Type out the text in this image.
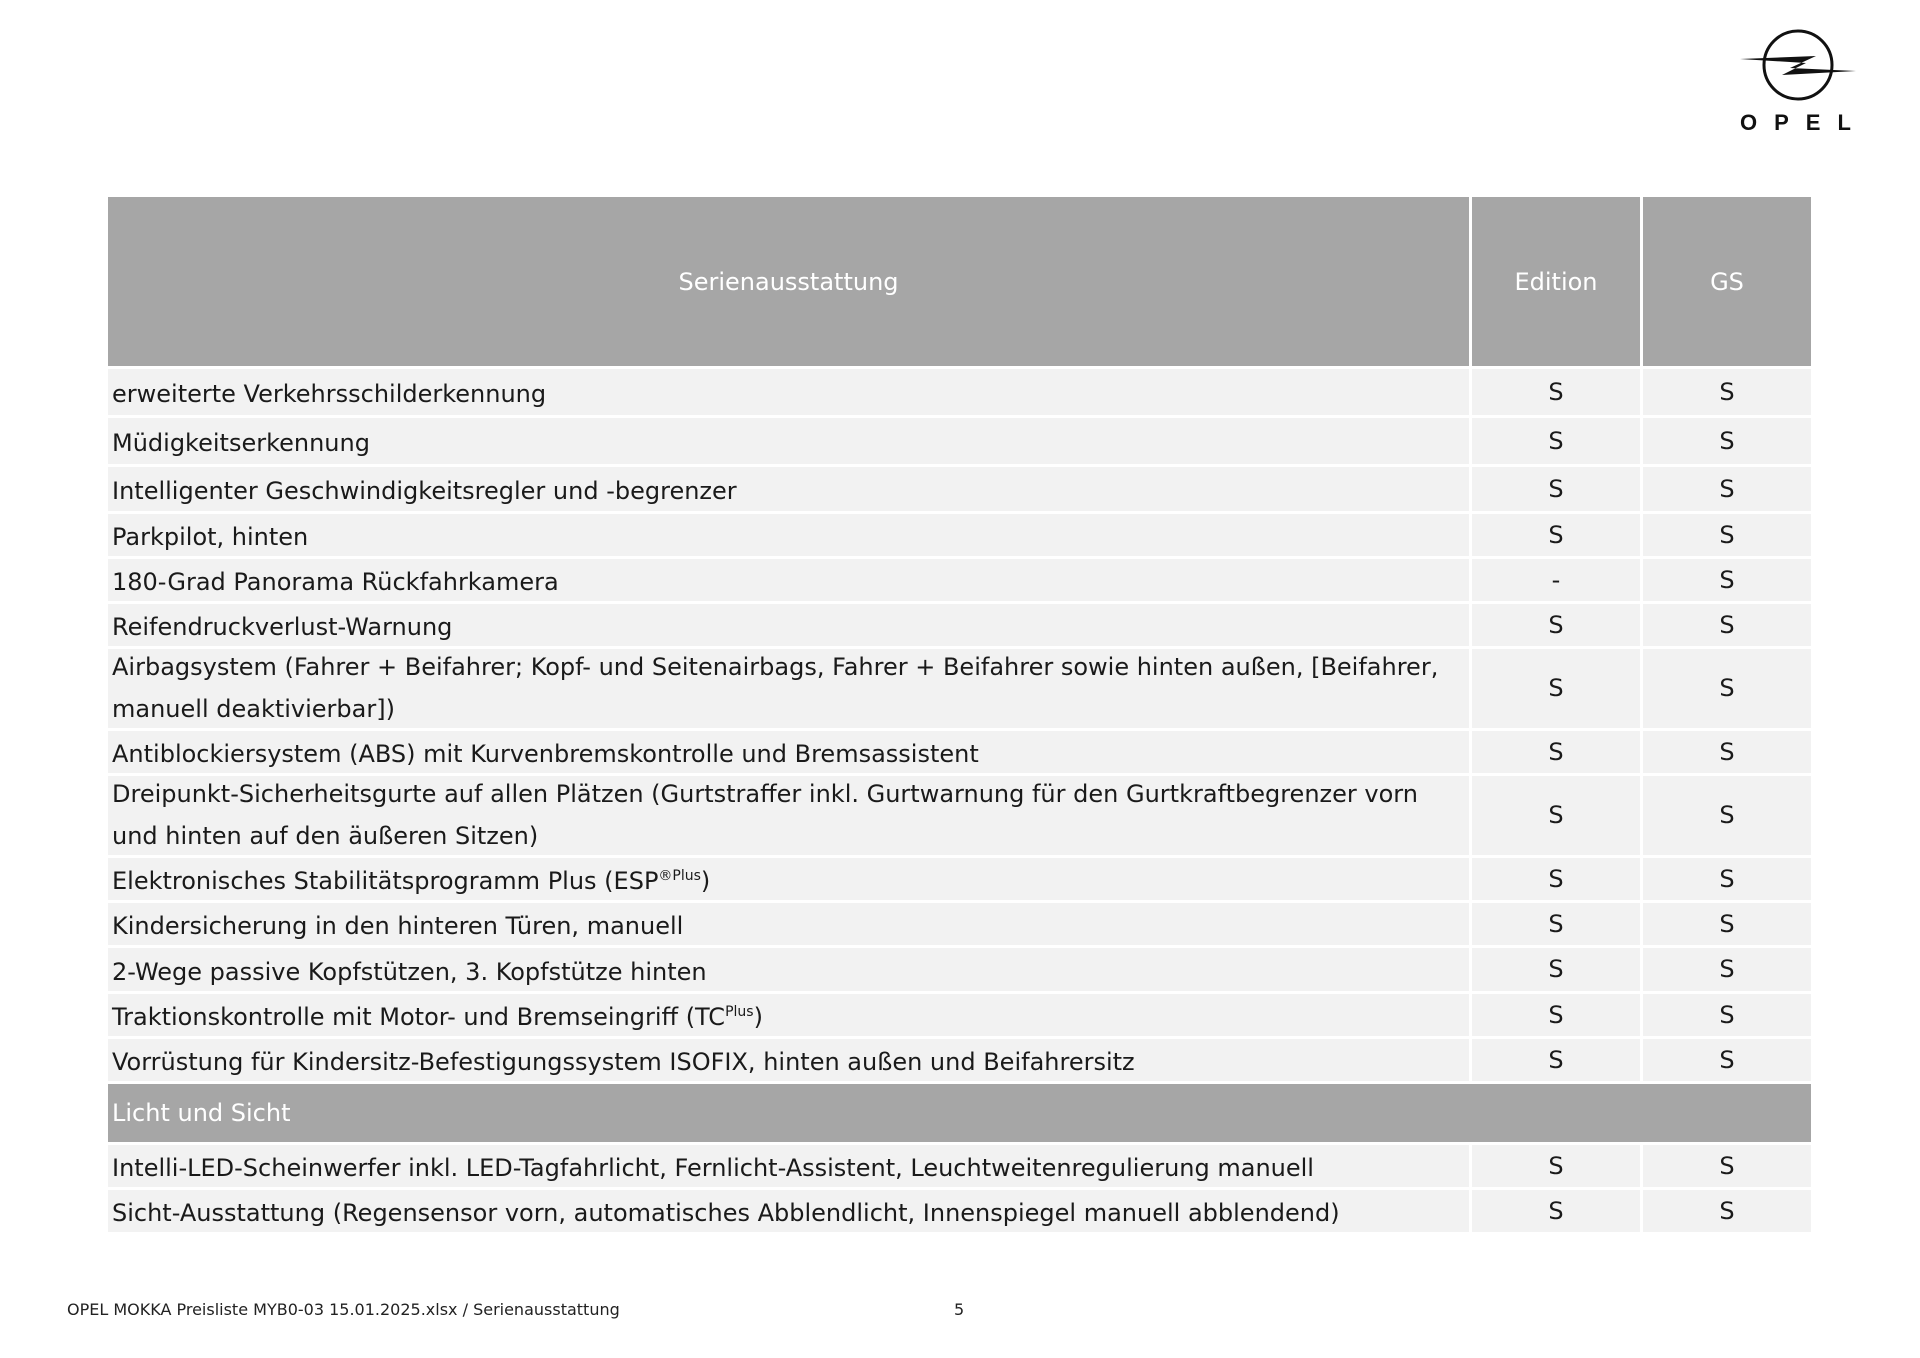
OPEL
Serienausstattung	Edition	GS
erweiterte Verkehrsschilderkennung	S	S
Müdigkeitserkennung	S	S
Intelligenter Geschwindigkeitsregler und -begrenzer	S	S
Parkpilot, hinten	S	S
180-Grad Panorama Rückfahrkamera	-	S
Reifendruckverlust-Warnung	S	S
Airbagsystem (Fahrer + Beifahrer; Kopf- und Seitenairbags, Fahrer + Beifahrer sowie hinten außen, [Beifahrer, manuell deaktivierbar])	S	S
Antiblockiersystem (ABS) mit Kurvenbremskontrolle und Bremsassistent	S	S
Dreipunkt-Sicherheitsgurte auf allen Plätzen (Gurtstraffer inkl. Gurtwarnung für den Gurtkraftbegrenzer vorn und hinten auf den äußeren Sitzen)	S	S
Elektronisches Stabilitätsprogramm Plus $(ESP^{®Plus})$	S	S
Kindersicherung in den hinteren Türen, manuell	S	S
2-Wege passive Kopfstützen, 3. Kopfstütze hinten	S	S
Traktionskontrolle mit Motor- und Bremseingriff $(TC^{Plus})$	S	S
Vorrüstung für Kindersitz-Befestigungssystem ISOFIX, hinten außen und Beifahrersitz	S	S
Licht und Sicht		
Intelli-LED-Scheinwerfer inkl. LED-Tagfahrlicht, Fernlicht-Assistent, Leuchtweitenregulierung manuell	S	S
Sicht-Ausstattung (Regensensor vorn, automatisches Abblendlicht, Innenspiegel manuell abblendend)	S	S
OPEL MOKKA Preisliste MYB0-03 15.01.2025.xlsx / Serienausstattung	5
